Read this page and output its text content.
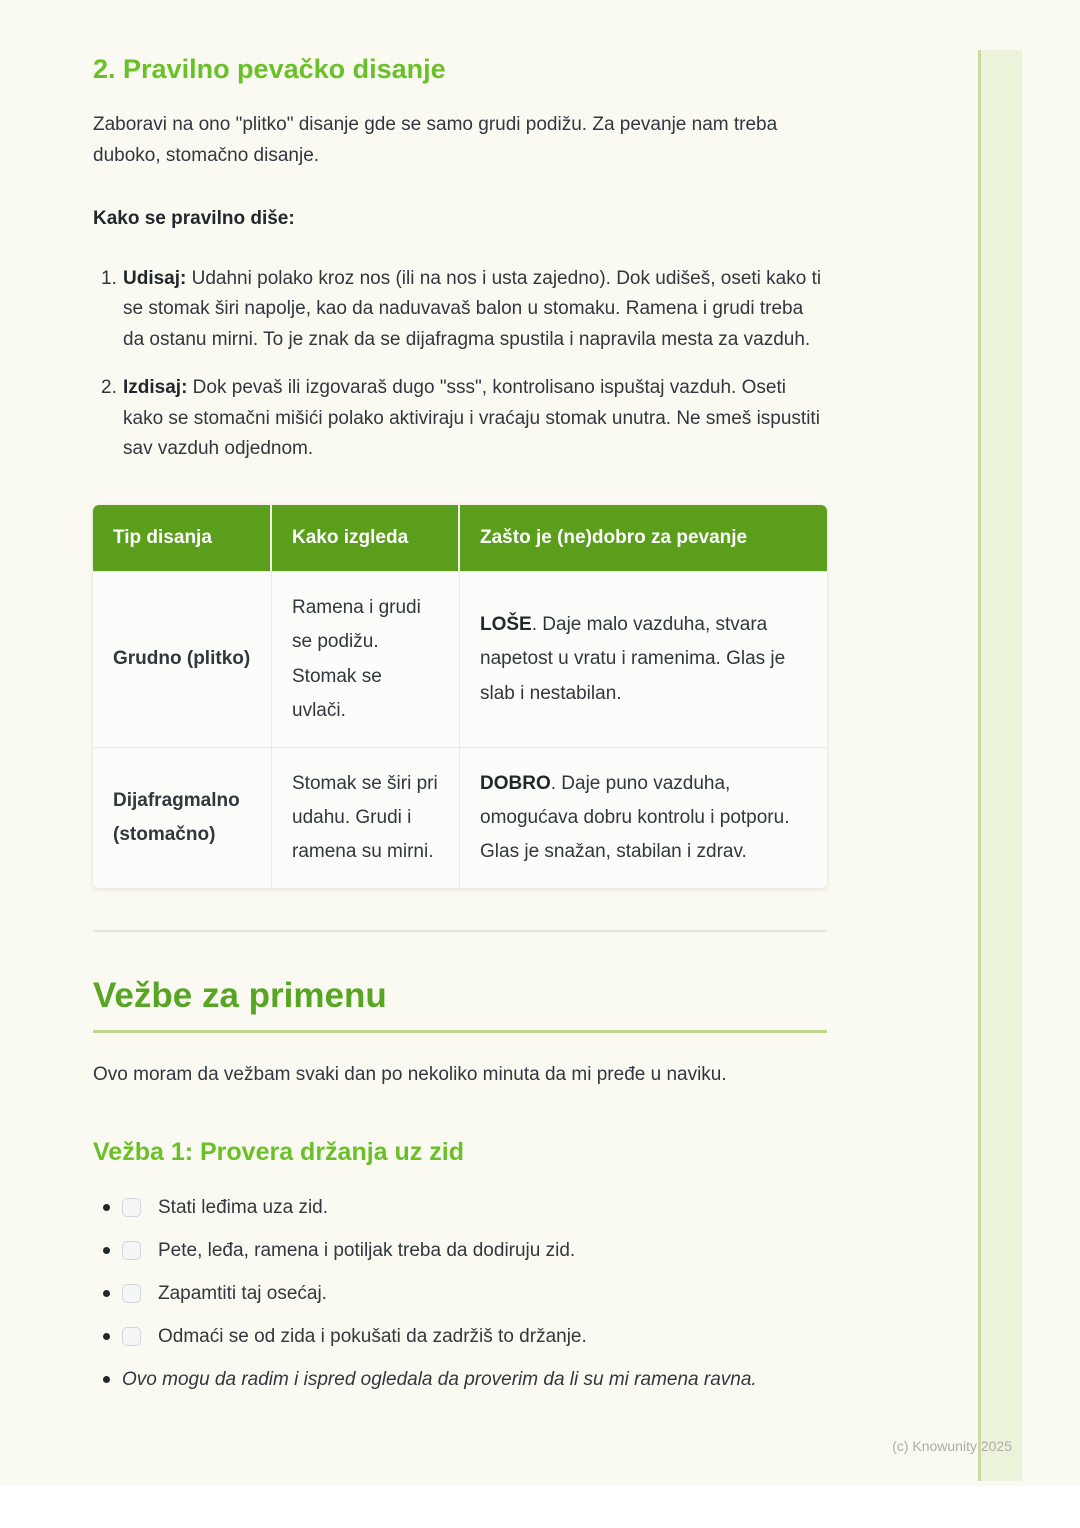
2. Pravilno pevačko disanje

Zaboravi na ono "plitko" disanje gde se samo grudi podižu. Za pevanje nam treba duboko, stomačno disanje.

Kako se pravilno diše:

1. Udisaj: Udahni polako kroz nos (ili na nos i usta zajedno). Dok udišeš, oseti kako ti se stomak širi napolje, kao da naduvavaš balon u stomaku. Ramena i grudi treba da ostanu mirni. To je znak da se dijafragma spustila i napravila mesta za vazduh.
2. Izdisaj: Dok pevaš ili izgovaraš dugo "sss", kontrolisano ispuštaj vazduh. Oseti kako se stomačni mišići polako aktiviraju i vraćaju stomak unutra. Ne smeš ispustiti sav vazduh odjednom.
Tip disanja	Kako izgleda	Zašto je (ne)dobro za pevanje
Grudno (plitko)	Ramena i grudi se podižu. Stomak se uvlači.	LOŠE. Daje malo vazduha, stvara napetost u vratu i ramenima. Glas je slab i nestabilan.
Dijafragmalno (stomačno)	Stomak se širi pri udahu. Grudi i ramena su mirni.	DOBRO. Daje puno vazduha, omogućava dobru kontrolu i potporu. Glas je snažan, stabilan i zdrav.
Vežbe za primenu

Ovo moram da vežbam svaki dan po nekoliko minuta da mi pređe u naviku.

Vežba 1: Provera držanja uz zid
Stati leđima uza zid.
Pete, leđa, ramena i potiljak treba da dodiruju zid.
Zapamtiti taj osećaj.
Odmaći se od zida i pokušati da zadržiš to držanje.
Ovo mogu da radim i ispred ogledala da proverim da li su mi ramena ravna.
(c) Knowunity 2025
